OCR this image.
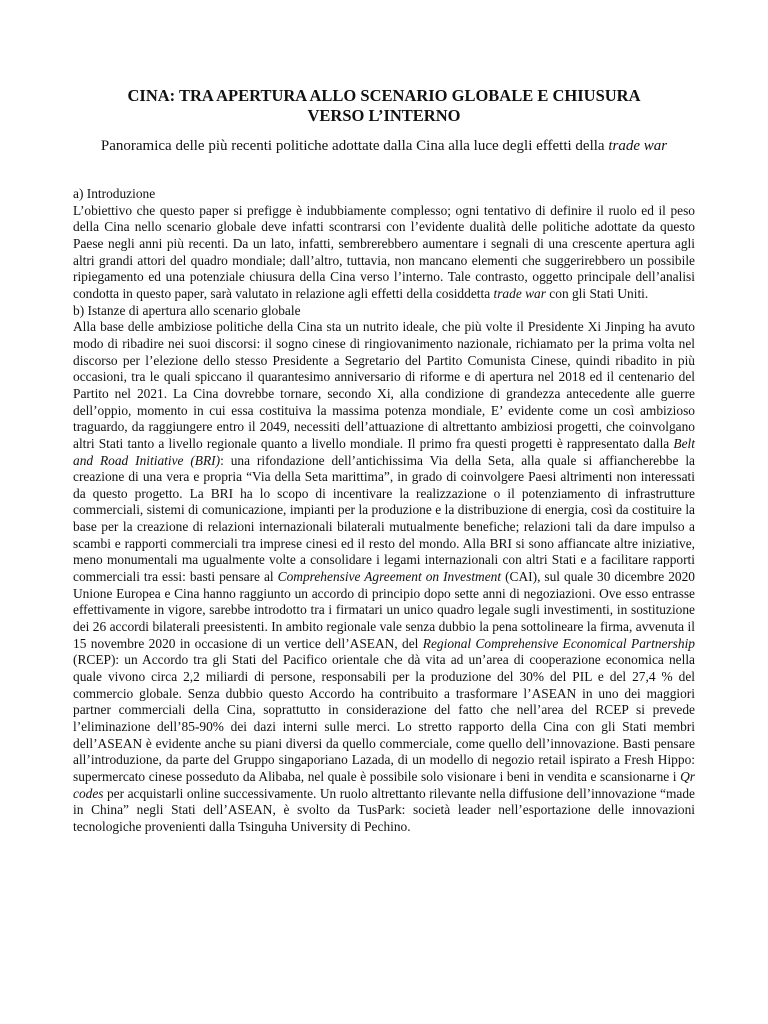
CINA: TRA APERTURA ALLO SCENARIO GLOBALE E CHIUSURA
VERSO L’INTERNO

Panoramica delle più recenti politiche adottate dalla Cina alla luce degli effetti della trade war

a) Introduzione

L’obiettivo che questo paper si prefigge è indubbiamente complesso; ogni tentativo di definire il ruolo ed il peso della Cina nello scenario globale deve infatti scontrarsi con l’evidente dualità delle politiche adottate da questo Paese negli anni più recenti. Da un lato, infatti, sembrerebbero aumentare i segnali di una crescente apertura agli altri grandi attori del quadro mondiale; dall’altro, tuttavia, non mancano elementi che suggerirebbero un possibile ripiegamento ed una potenziale chiusura della Cina verso l’interno. Tale contrasto, oggetto principale dell’analisi condotta in questo paper, sarà valutato in relazione agli effetti della cosiddetta trade war con gli Stati Uniti.

b) Istanze di apertura allo scenario globale

Alla base delle ambiziose politiche della Cina sta un nutrito ideale, che più volte il Presidente Xi Jinping ha avuto modo di ribadire nei suoi discorsi: il sogno cinese di ringiovanimento nazionale, richiamato per la prima volta nel discorso per l’elezione dello stesso Presidente a Segretario del Partito Comunista Cinese, quindi ribadito in più occasioni, tra le quali spiccano il quarantesimo anniversario di riforme e di apertura nel 2018 ed il centenario del Partito nel 2021. La Cina dovrebbe tornare, secondo Xi, alla condizione di grandezza antecedente alle guerre dell’oppio, momento in cui essa costituiva la massima potenza mondiale, E’ evidente come un così ambizioso traguardo, da raggiungere entro il 2049, necessiti dell’attuazione di altrettanto ambiziosi progetti, che coinvolgano altri Stati tanto a livello regionale quanto a livello mondiale. Il primo fra questi progetti è rappresentato dalla Belt and Road Initiative (BRI): una rifondazione dell’antichissima Via della Seta, alla quale si affiancherebbe la creazione di una vera e propria “Via della Seta marittima”, in grado di coinvolgere Paesi altrimenti non interessati da questo progetto. La BRI ha lo scopo di incentivare la realizzazione o il potenziamento di infrastrutture commerciali, sistemi di comunicazione, impianti per la produzione e la distribuzione di energia, così da costituire la base per la creazione di relazioni internazionali bilaterali mutualmente benefiche; relazioni tali da dare impulso a scambi e rapporti commerciali tra imprese cinesi ed il resto del mondo. Alla BRI si sono affiancate altre iniziative, meno monumentali ma ugualmente volte a consolidare i legami internazionali con altri Stati e a facilitare rapporti commerciali tra essi: basti pensare al Comprehensive Agreement on Investment (CAI), sul quale 30 dicembre 2020 Unione Europea e Cina hanno raggiunto un accordo di principio dopo sette anni di negoziazioni. Ove esso entrasse effettivamente in vigore, sarebbe introdotto tra i firmatari un unico quadro legale sugli investimenti, in sostituzione dei 26 accordi bilaterali preesistenti. In ambito regionale vale senza dubbio la pena sottolineare la firma, avvenuta il 15 novembre 2020 in occasione di un vertice dell’ASEAN, del Regional Comprehensive Economical Partnership (RCEP): un Accordo tra gli Stati del Pacifico orientale che dà vita ad un’area di cooperazione economica nella quale vivono circa 2,2 miliardi di persone, responsabili per la produzione del 30% del PIL e del 27,4 % del commercio globale. Senza dubbio questo Accordo ha contribuito a trasformare l’ASEAN in uno dei maggiori partner commerciali della Cina, soprattutto in considerazione del fatto che nell’area del RCEP si prevede l’eliminazione dell’85-90% dei dazi interni sulle merci. Lo stretto rapporto della Cina con gli Stati membri dell’ASEAN è evidente anche su piani diversi da quello commerciale, come quello dell’innovazione. Basti pensare all’introduzione, da parte del Gruppo singaporiano Lazada, di un modello di negozio retail ispirato a Fresh Hippo: supermercato cinese posseduto da Alibaba, nel quale è possibile solo visionare i beni in vendita e scansionarne i Qr codes per acquistarli online successivamente. Un ruolo altrettanto rilevante nella diffusione dell’innovazione “made in China” negli Stati dell’ASEAN, è svolto da TusPark: società leader nell’esportazione delle innovazioni tecnologiche provenienti dalla Tsinguha University di Pechino.
